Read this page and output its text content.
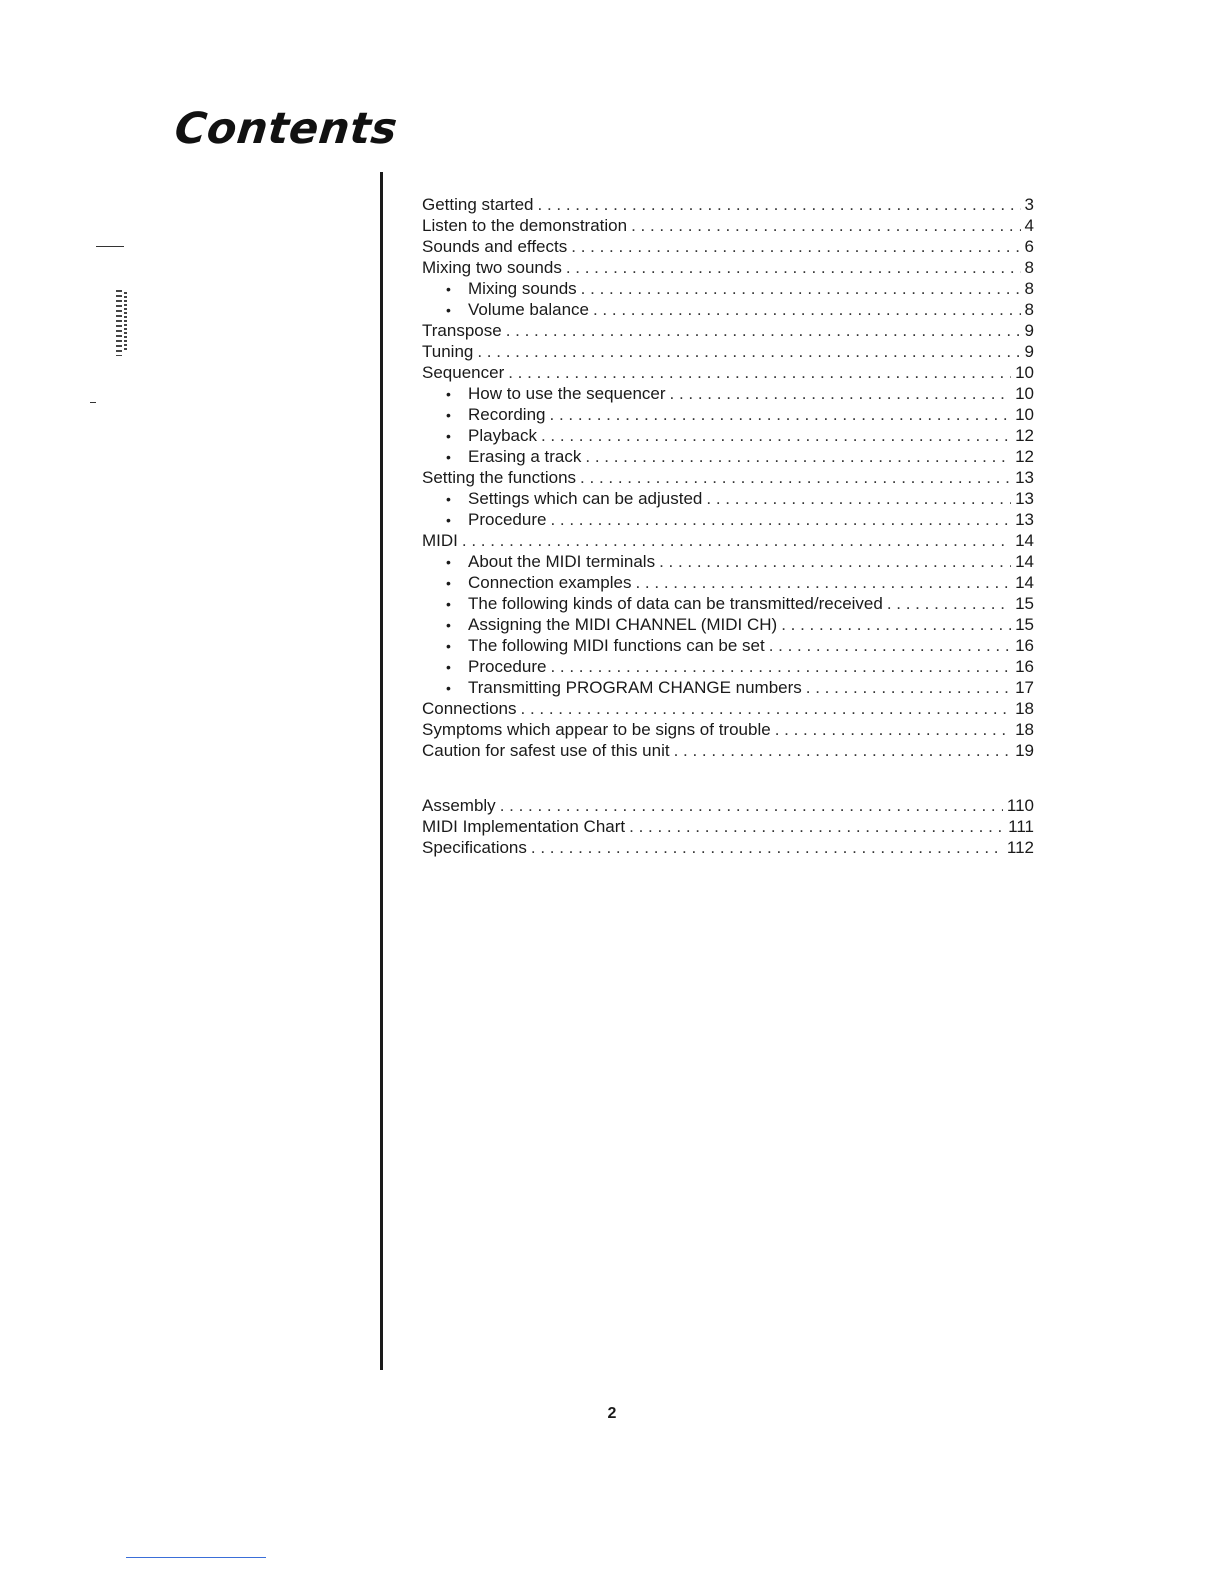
Contents
Getting started . . .	3
Listen to the demonstration . . .	4
Sounds and effects . . .	6
Mixing two sounds . . .	8
•	Mixing sounds . . .	8
•	Volume balance . . .	8
Transpose . . .	9
Tuning . . .	9
Sequencer . . .	10
•	How to use the sequencer . . .	10
•	Recording . . .	10
•	Playback . . .	12
•	Erasing a track . . .	12
Setting the functions . . .	13
•	Settings which can be adjusted . . .	13
•	Procedure . . .	13
MIDI . . .	14
•	About the MIDI terminals . . .	14
•	Connection examples . . .	14
•	The following kinds of data can be transmitted/received . . .	15
•	Assigning the MIDI CHANNEL (MIDI CH) . . .	15
•	The following MIDI functions can be set . . .	16
•	Procedure . . .	16
•	Transmitting PROGRAM CHANGE numbers . . .	17
Connections . . .	18
Symptoms which appear to be signs of trouble . . .	18
Caution for safest use of this unit . . .	19
Assembly . . .	110
MIDI Implementation Chart . . .	111
Specifications . . .	112
2
